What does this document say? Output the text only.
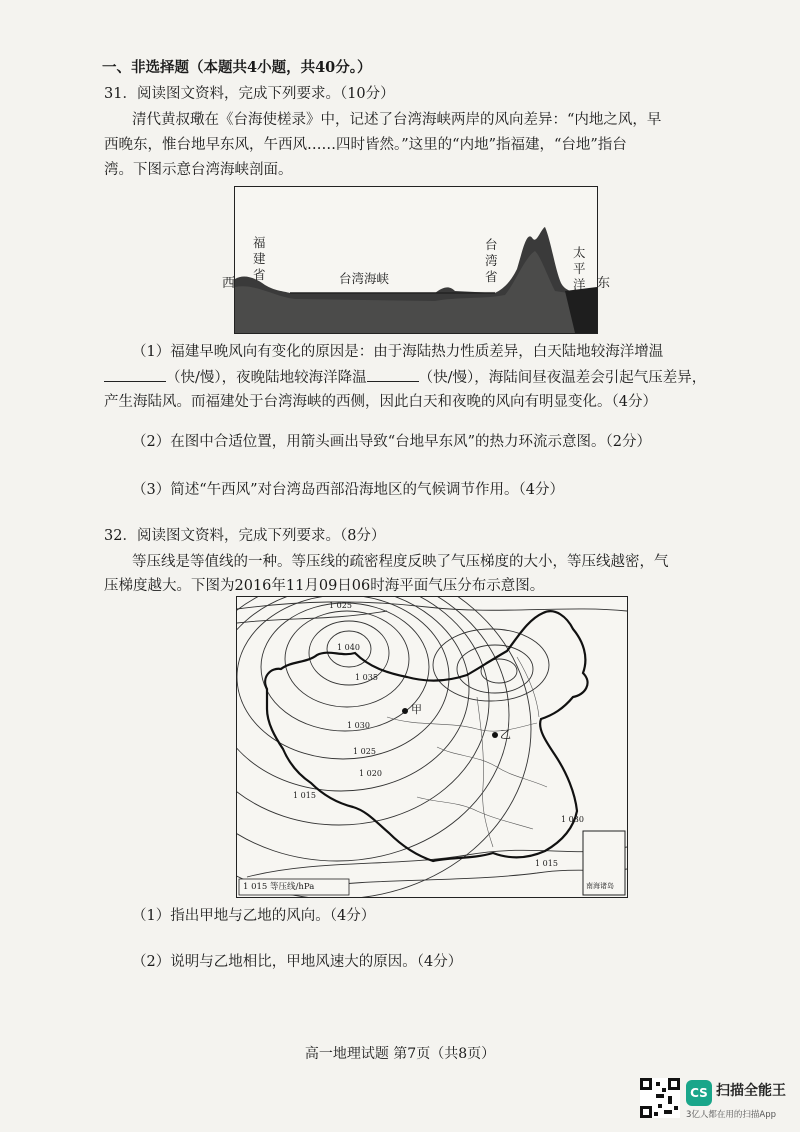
一、非选择题（本题共4小题，共40分。）
31．阅读图文资料，完成下列要求。（10分）
清代黄叔璥在《台海使槎录》中，记述了台湾海峡两岸的风向差异：“内地之风，早
西晚东，惟台地早东风，午西风……四时皆然。”这里的“内地”指福建，“台地”指台
湾。下图示意台湾海峡剖面。
福建省	台湾海峡
台湾省
太平洋
西	东
（1）福建早晚风向有变化的原因是：由于海陆热力性质差异，白天陆地较海洋增温
（快/慢），夜晚陆地较海洋降温	（快/慢），海陆间昼夜温差会引起气压差异，
产生海陆风。而福建处于台湾海峡的西侧，因此白天和夜晚的风向有明显变化。（4分）
（2）在图中合适位置，用箭头画出导致“台地早东风”的热力环流示意图。（2分）
（3）简述“午西风”对台湾岛西部沿海地区的气候调节作用。（4分）
32．阅读图文资料，完成下列要求。（8分）
等压线是等值线的一种。等压线的疏密程度反映了气压梯度的大小，等压线越密，气
压梯度越大。下图为2016年11月09日06时海平面气压分布示意图。
甲
乙
1 025
1 040
1 035
1 030
1 025
1 020
1 015
1 030
1 015
1 015 等压线/hPa	南海诸岛
（1）指出甲地与乙地的风向。（4分）
（2）说明与乙地相比，甲地风速大的原因。（4分）
高一地理试题 第7页（共8页）
CS 扫描全能王
3亿人都在用的扫描App
